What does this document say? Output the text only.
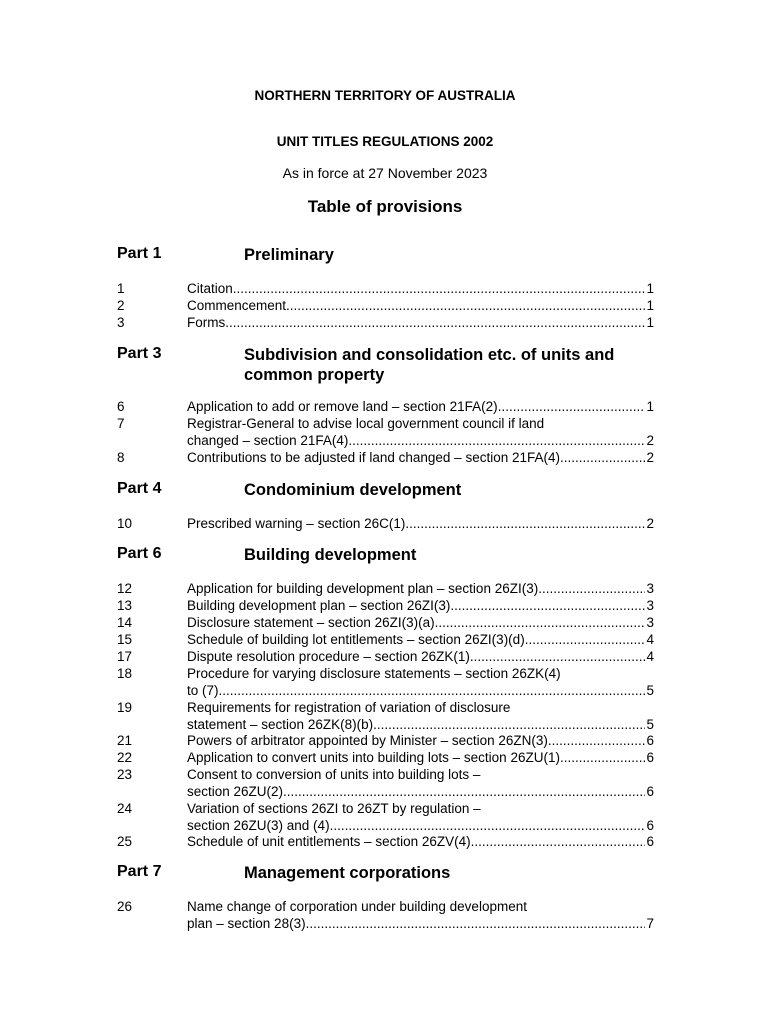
NORTHERN TERRITORY OF AUSTRALIA
UNIT TITLES REGULATIONS 2002
As in force at 27 November 2023
Table of provisions
Part 1	Preliminary
1	Citation .....	1
2	Commencement .....	1
3	Forms .....	1
Part 3	Subdivision and consolidation etc. of units and common property
6	Application to add or remove land – section 21FA(2) .....	1
7	Registrar-General to advise local government council if land
changed – section 21FA(4) .....	2
8	Contributions to be adjusted if land changed – section 21FA(4) .....	2
Part 4	Condominium development
10	Prescribed warning – section 26C(1) .....	2
Part 6	Building development
12	Application for building development plan – section 26ZI(3) .....	3
13	Building development plan – section 26ZI(3) .....	3
14	Disclosure statement – section 26ZI(3)(a) .....	3
15	Schedule of building lot entitlements – section 26ZI(3)(d) .....	4
17	Dispute resolution procedure – section 26ZK(1) .....	4
18	Procedure for varying disclosure statements – section 26ZK(4)
to (7) .....	5
19	Requirements for registration of variation of disclosure
statement – section 26ZK(8)(b) .....	5
21	Powers of arbitrator appointed by Minister – section 26ZN(3) .....	6
22	Application to convert units into building lots – section 26ZU(1) .....	6
23	Consent to conversion of units into building lots –
section 26ZU(2) .....	6
24	Variation of sections 26ZI to 26ZT by regulation –
section 26ZU(3) and (4) .....	6
25	Schedule of unit entitlements – section 26ZV(4) .....	6
Part 7	Management corporations
26	Name change of corporation under building development
plan – section 28(3) .....	7
